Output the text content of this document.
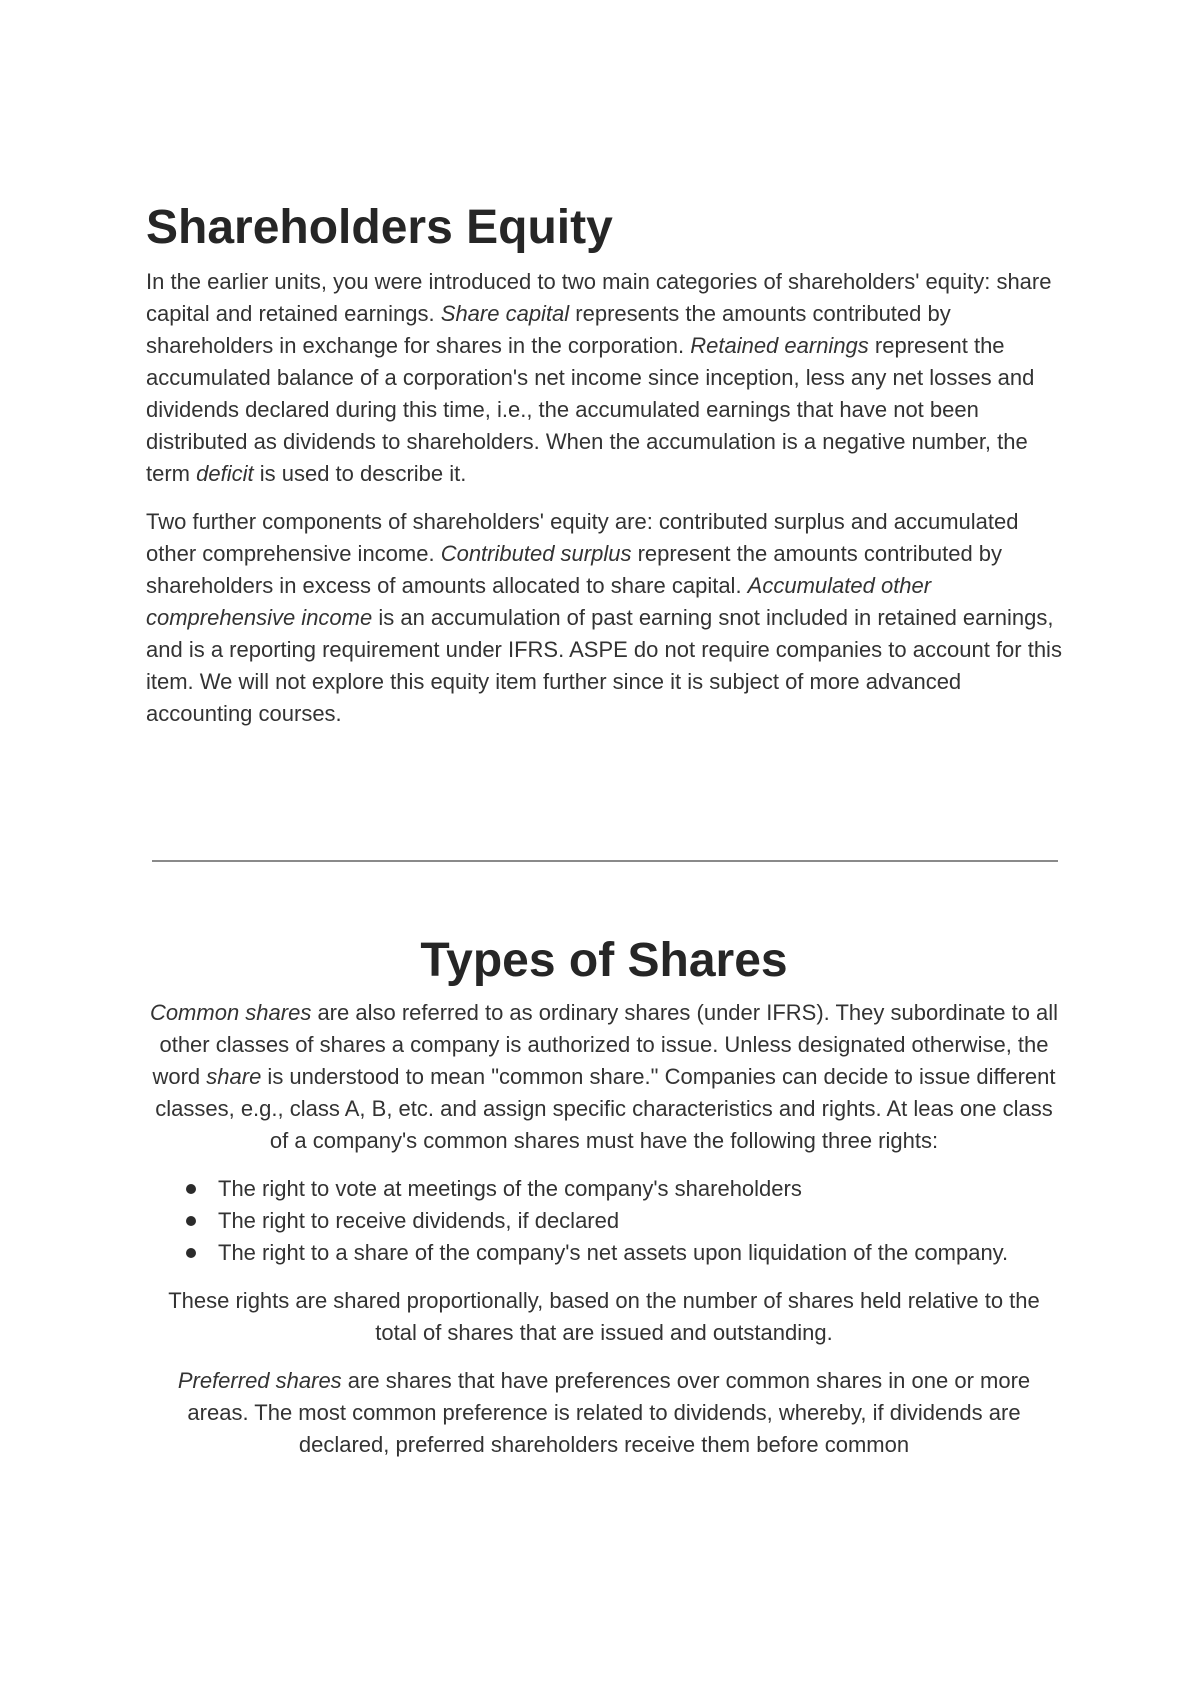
Shareholders Equity

In the earlier units, you were introduced to two main categories of shareholders' equity: share capital and retained earnings. Share capital represents the amounts contributed by shareholders in exchange for shares in the corporation. Retained earnings represent the accumulated balance of a corporation's net income since inception, less any net losses and dividends declared during this time, i.e., the accumulated earnings that have not been distributed as dividends to shareholders. When the accumulation is a negative number, the term deficit is used to describe it.

Two further components of shareholders' equity are: contributed surplus and accumulated other comprehensive income. Contributed surplus represent the amounts contributed by shareholders in excess of amounts allocated to share capital. Accumulated other comprehensive income is an accumulation of past earning snot included in retained earnings, and is a reporting requirement under IFRS. ASPE do not require companies to account for this item. We will not explore this equity item further since it is subject of more advanced accounting courses.

Types of Shares

Common shares are also referred to as ordinary shares (under IFRS). They subordinate to all other classes of shares a company is authorized to issue. Unless designated otherwise, the word share is understood to mean "common share." Companies can decide to issue different classes, e.g., class A, B, etc. and assign specific characteristics and rights. At leas one class of a company's common shares must have the following three rights:

The right to vote at meetings of the company's shareholders
The right to receive dividends, if declared
The right to a share of the company's net assets upon liquidation of the company.

These rights are shared proportionally, based on the number of shares held relative to the total of shares that are issued and outstanding.

Preferred shares are shares that have preferences over common shares in one or more areas. The most common preference is related to dividends, whereby, if dividends are declared, preferred shareholders receive them before common
